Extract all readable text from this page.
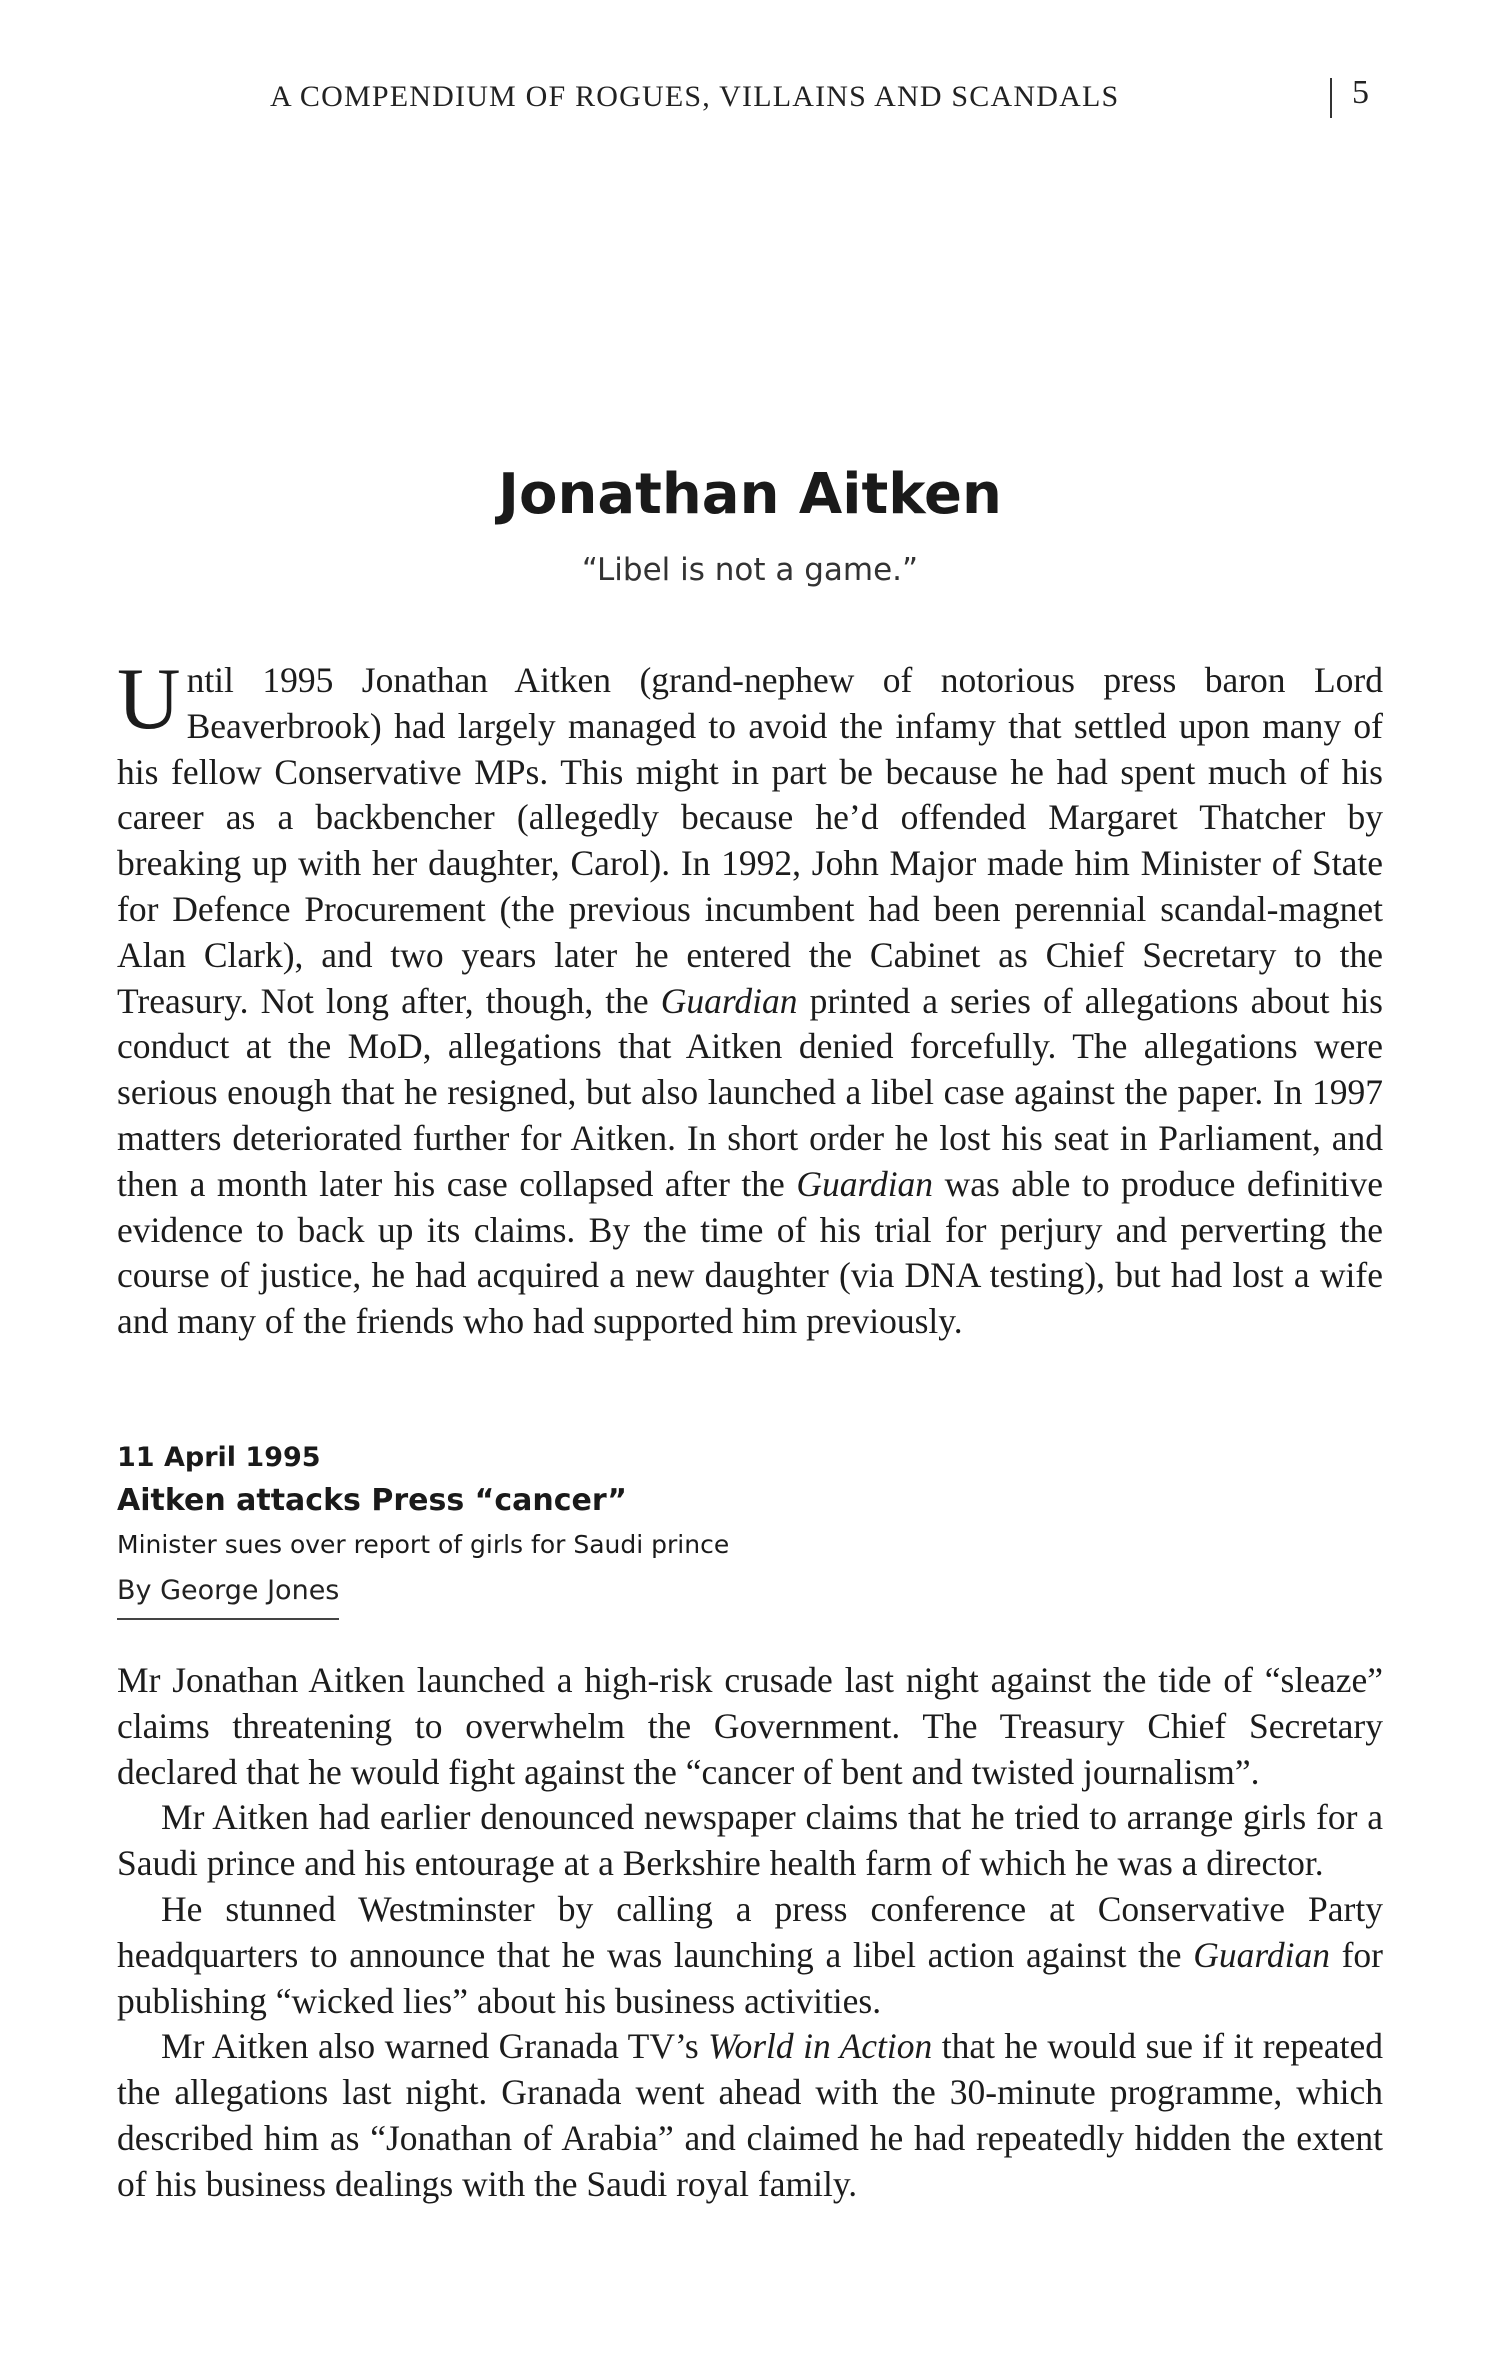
A COMPENDIUM OF ROGUES, VILLAINS AND SCANDALS	5
Jonathan Aitken
“Libel is not a game.”

Until 1995 Jonathan Aitken (grand-nephew of notorious press baron Lord Beaverbrook) had largely managed to avoid the infamy that settled upon many of his fellow Conservative MPs. This might in part be because he had spent much of his career as a backbencher (allegedly because he’d offended Margaret Thatcher by breaking up with her daughter, Carol). In 1992, John Major made him Minister of State for Defence Procurement (the previous incumbent had been perennial scandal-magnet Alan Clark), and two years later he entered the Cabinet as Chief Secretary to the Treasury. Not long after, though, the Guardian printed a series of allegations about his conduct at the MoD, allegations that Aitken denied forcefully. The allegations were serious enough that he resigned, but also launched a libel case against the paper. In 1997 matters deteriorated further for Aitken. In short order he lost his seat in Parliament, and then a month later his case collapsed after the Guardian was able to produce definitive evidence to back up its claims. By the time of his trial for perjury and perverting the course of justice, he had acquired a new daughter (via DNA testing), but had lost a wife and many of the friends who had supported him previously.

11 April 1995
Aitken attacks Press “cancer”
Minister sues over report of girls for Saudi prince
By George Jones

Mr Jonathan Aitken launched a high-risk crusade last night against the tide of “sleaze” claims threatening to overwhelm the Government. The Treasury Chief Secretary declared that he would fight against the “cancer of bent and twisted journalism”.

Mr Aitken had earlier denounced newspaper claims that he tried to arrange girls for a Saudi prince and his entourage at a Berkshire health farm of which he was a director.

He stunned Westminster by calling a press conference at Conservative Party headquarters to announce that he was launching a libel action against the Guardian for publishing “wicked lies” about his business activities.

Mr Aitken also warned Granada TV’s World in Action that he would sue if it repeated the allegations last night. Granada went ahead with the 30-minute programme, which described him as “Jonathan of Arabia” and claimed he had repeatedly hidden the extent of his business dealings with the Saudi royal family.
